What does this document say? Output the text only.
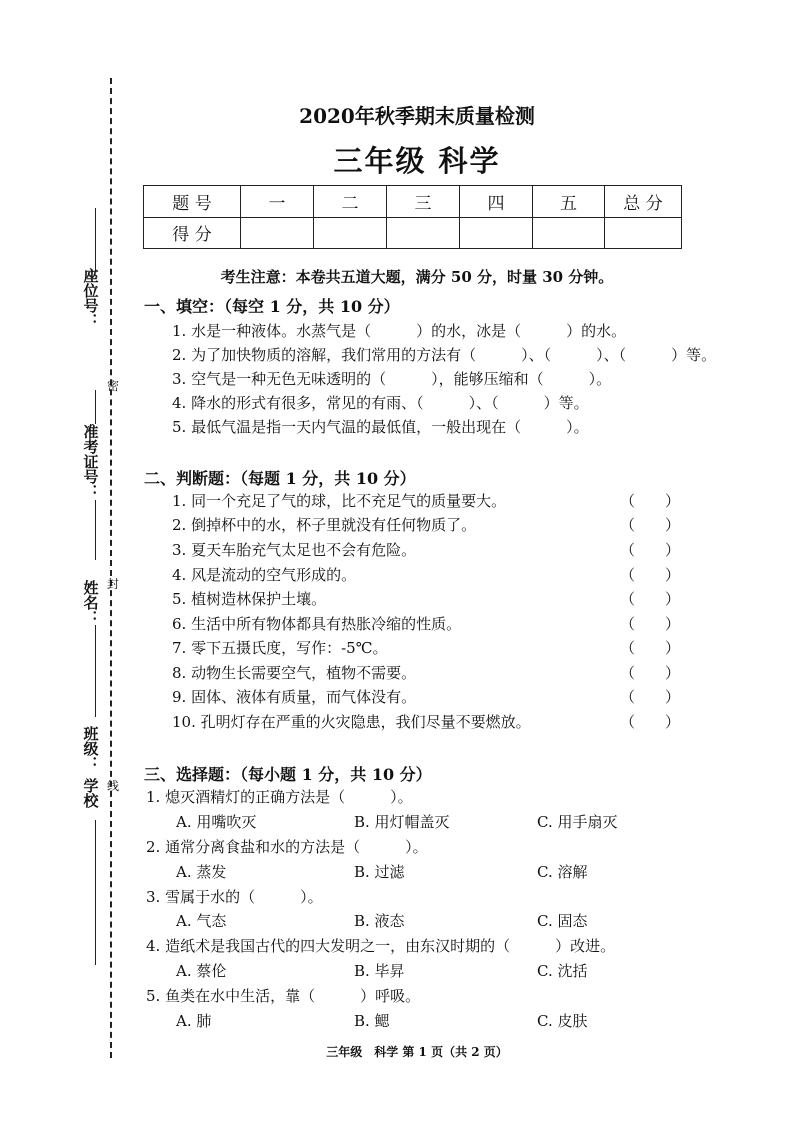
座位号：
密
准考证号：
封
姓名：
班级：
学校 线
2020年秋季期末质量检测
三年级 科学
题 号	一	二	三	四	五	总 分
得 分						
考生注意：本卷共五道大题，满分 50 分，时量 30 分钟。
一、填空：（每空 1 分，共 10 分）
1. 水是一种液体。水蒸气是（　　　）的水，冰是（　　　）的水。
2. 为了加快物质的溶解，我们常用的方法有（　　　）、（　　　）、（　　　）等。
3. 空气是一种无色无味透明的（　　　），能够压缩和（　　　）。
4. 降水的形式有很多，常见的有雨、（　　　）、（　　　）等。
5. 最低气温是指一天内气温的最低值，一般出现在（　　　）。
二、判断题：（每题 1 分，共 10 分）
1. 同一个充足了气的球，比不充足气的质量要大。	（　　）
2. 倒掉杯中的水，杯子里就没有任何物质了。	（　　）
3. 夏天车胎充气太足也不会有危险。	（　　）
4. 风是流动的空气形成的。	（　　）
5. 植树造林保护土壤。	（　　）
6. 生活中所有物体都具有热胀冷缩的性质。	（　　）
7. 零下五摄氏度，写作：-5℃。	（　　）
8. 动物生长需要空气，植物不需要。	（　　）
9. 固体、液体有质量，而气体没有。	（　　）
10. 孔明灯存在严重的火灾隐患，我们尽量不要燃放。	（　　）
三、选择题：（每小题 1 分，共 10 分）
1. 熄灭酒精灯的正确方法是（　　　）。
A. 用嘴吹灭	B. 用灯帽盖灭	C. 用手扇灭
2. 通常分离食盐和水的方法是（　　　）。
A. 蒸发	B. 过滤	C. 溶解
3. 雪属于水的（　　　）。
A. 气态	B. 液态	C. 固态
4. 造纸术是我国古代的四大发明之一，由东汉时期的（　　　）改进。
A. 蔡伦	B. 毕昇	C. 沈括
5. 鱼类在水中生活，靠（　　　）呼吸。
A. 肺	B. 鳃	C. 皮肤
三年级　科学 第 1 页（共 2 页）
